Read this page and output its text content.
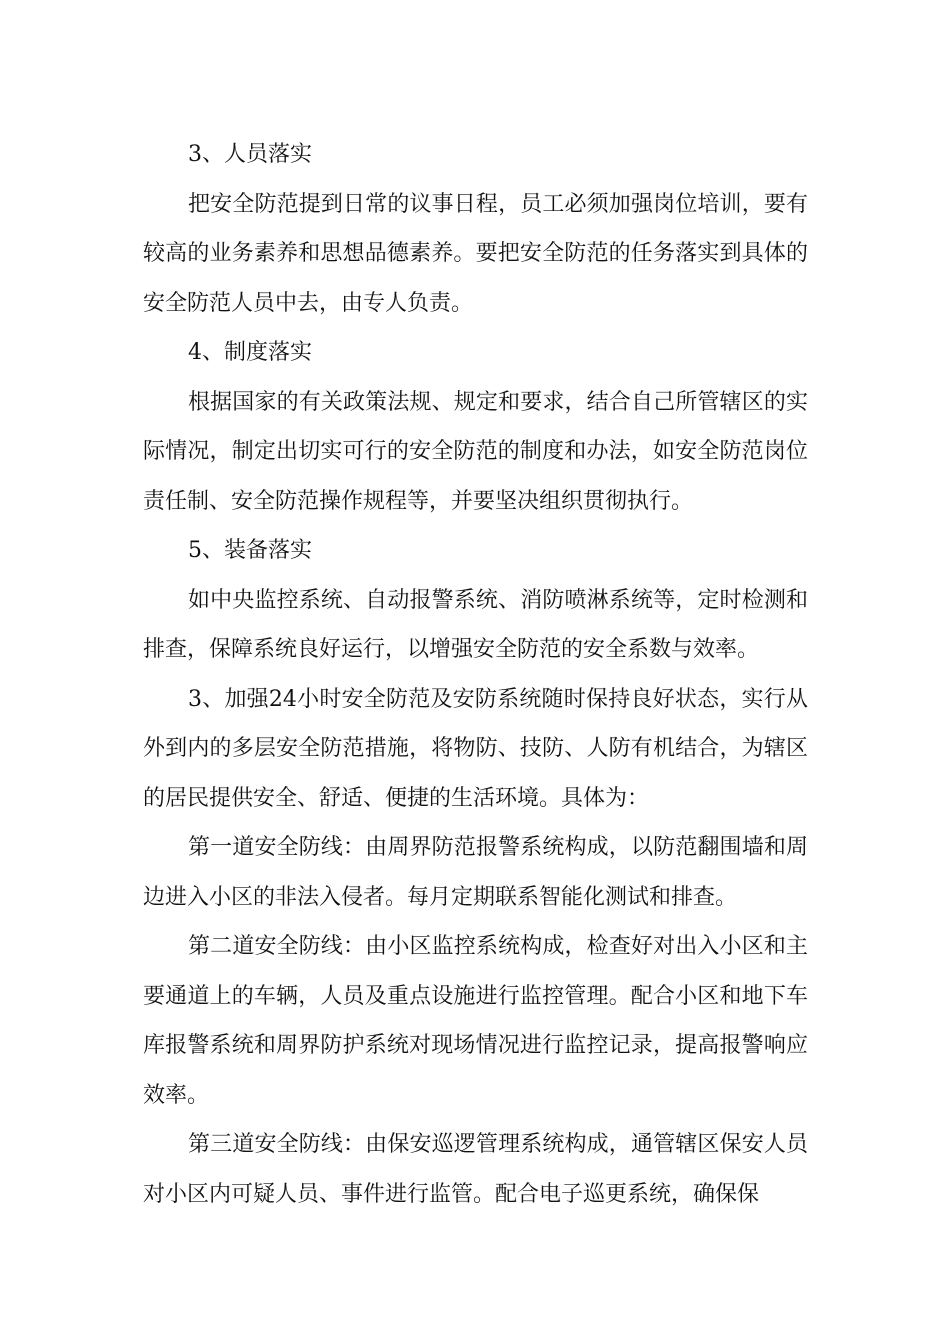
3、人员落实

把安全防范提到日常的议事日程，员工必须加强岗位培训，要有较高的业务素养和思想品德素养。要把安全防范的任务落实到具体的安全防范人员中去，由专人负责。

4、制度落实

根据国家的有关政策法规、规定和要求，结合自己所管辖区的实际情况，制定出切实可行的安全防范的制度和办法，如安全防范岗位责任制、安全防范操作规程等，并要坚决组织贯彻执行。

5、装备落实

如中央监控系统、自动报警系统、消防喷淋系统等，定时检测和排查，保障系统良好运行，以增强安全防范的安全系数与效率。

3、加强24小时安全防范及安防系统随时保持良好状态，实行从外到内的多层安全防范措施，将物防、技防、人防有机结合，为辖区的居民提供安全、舒适、便捷的生活环境。具体为：

第一道安全防线：由周界防范报警系统构成，以防范翻围墙和周边进入小区的非法入侵者。每月定期联系智能化测试和排查。

第二道安全防线：由小区监控系统构成，检查好对出入小区和主要通道上的车辆，人员及重点设施进行监控管理。配合小区和地下车库报警系统和周界防护系统对现场情况进行监控记录，提高报警响应效率。

第三道安全防线：由保安巡逻管理系统构成，通管辖区保安人员对小区内可疑人员、事件进行监管。配合电子巡更系统，确保保
